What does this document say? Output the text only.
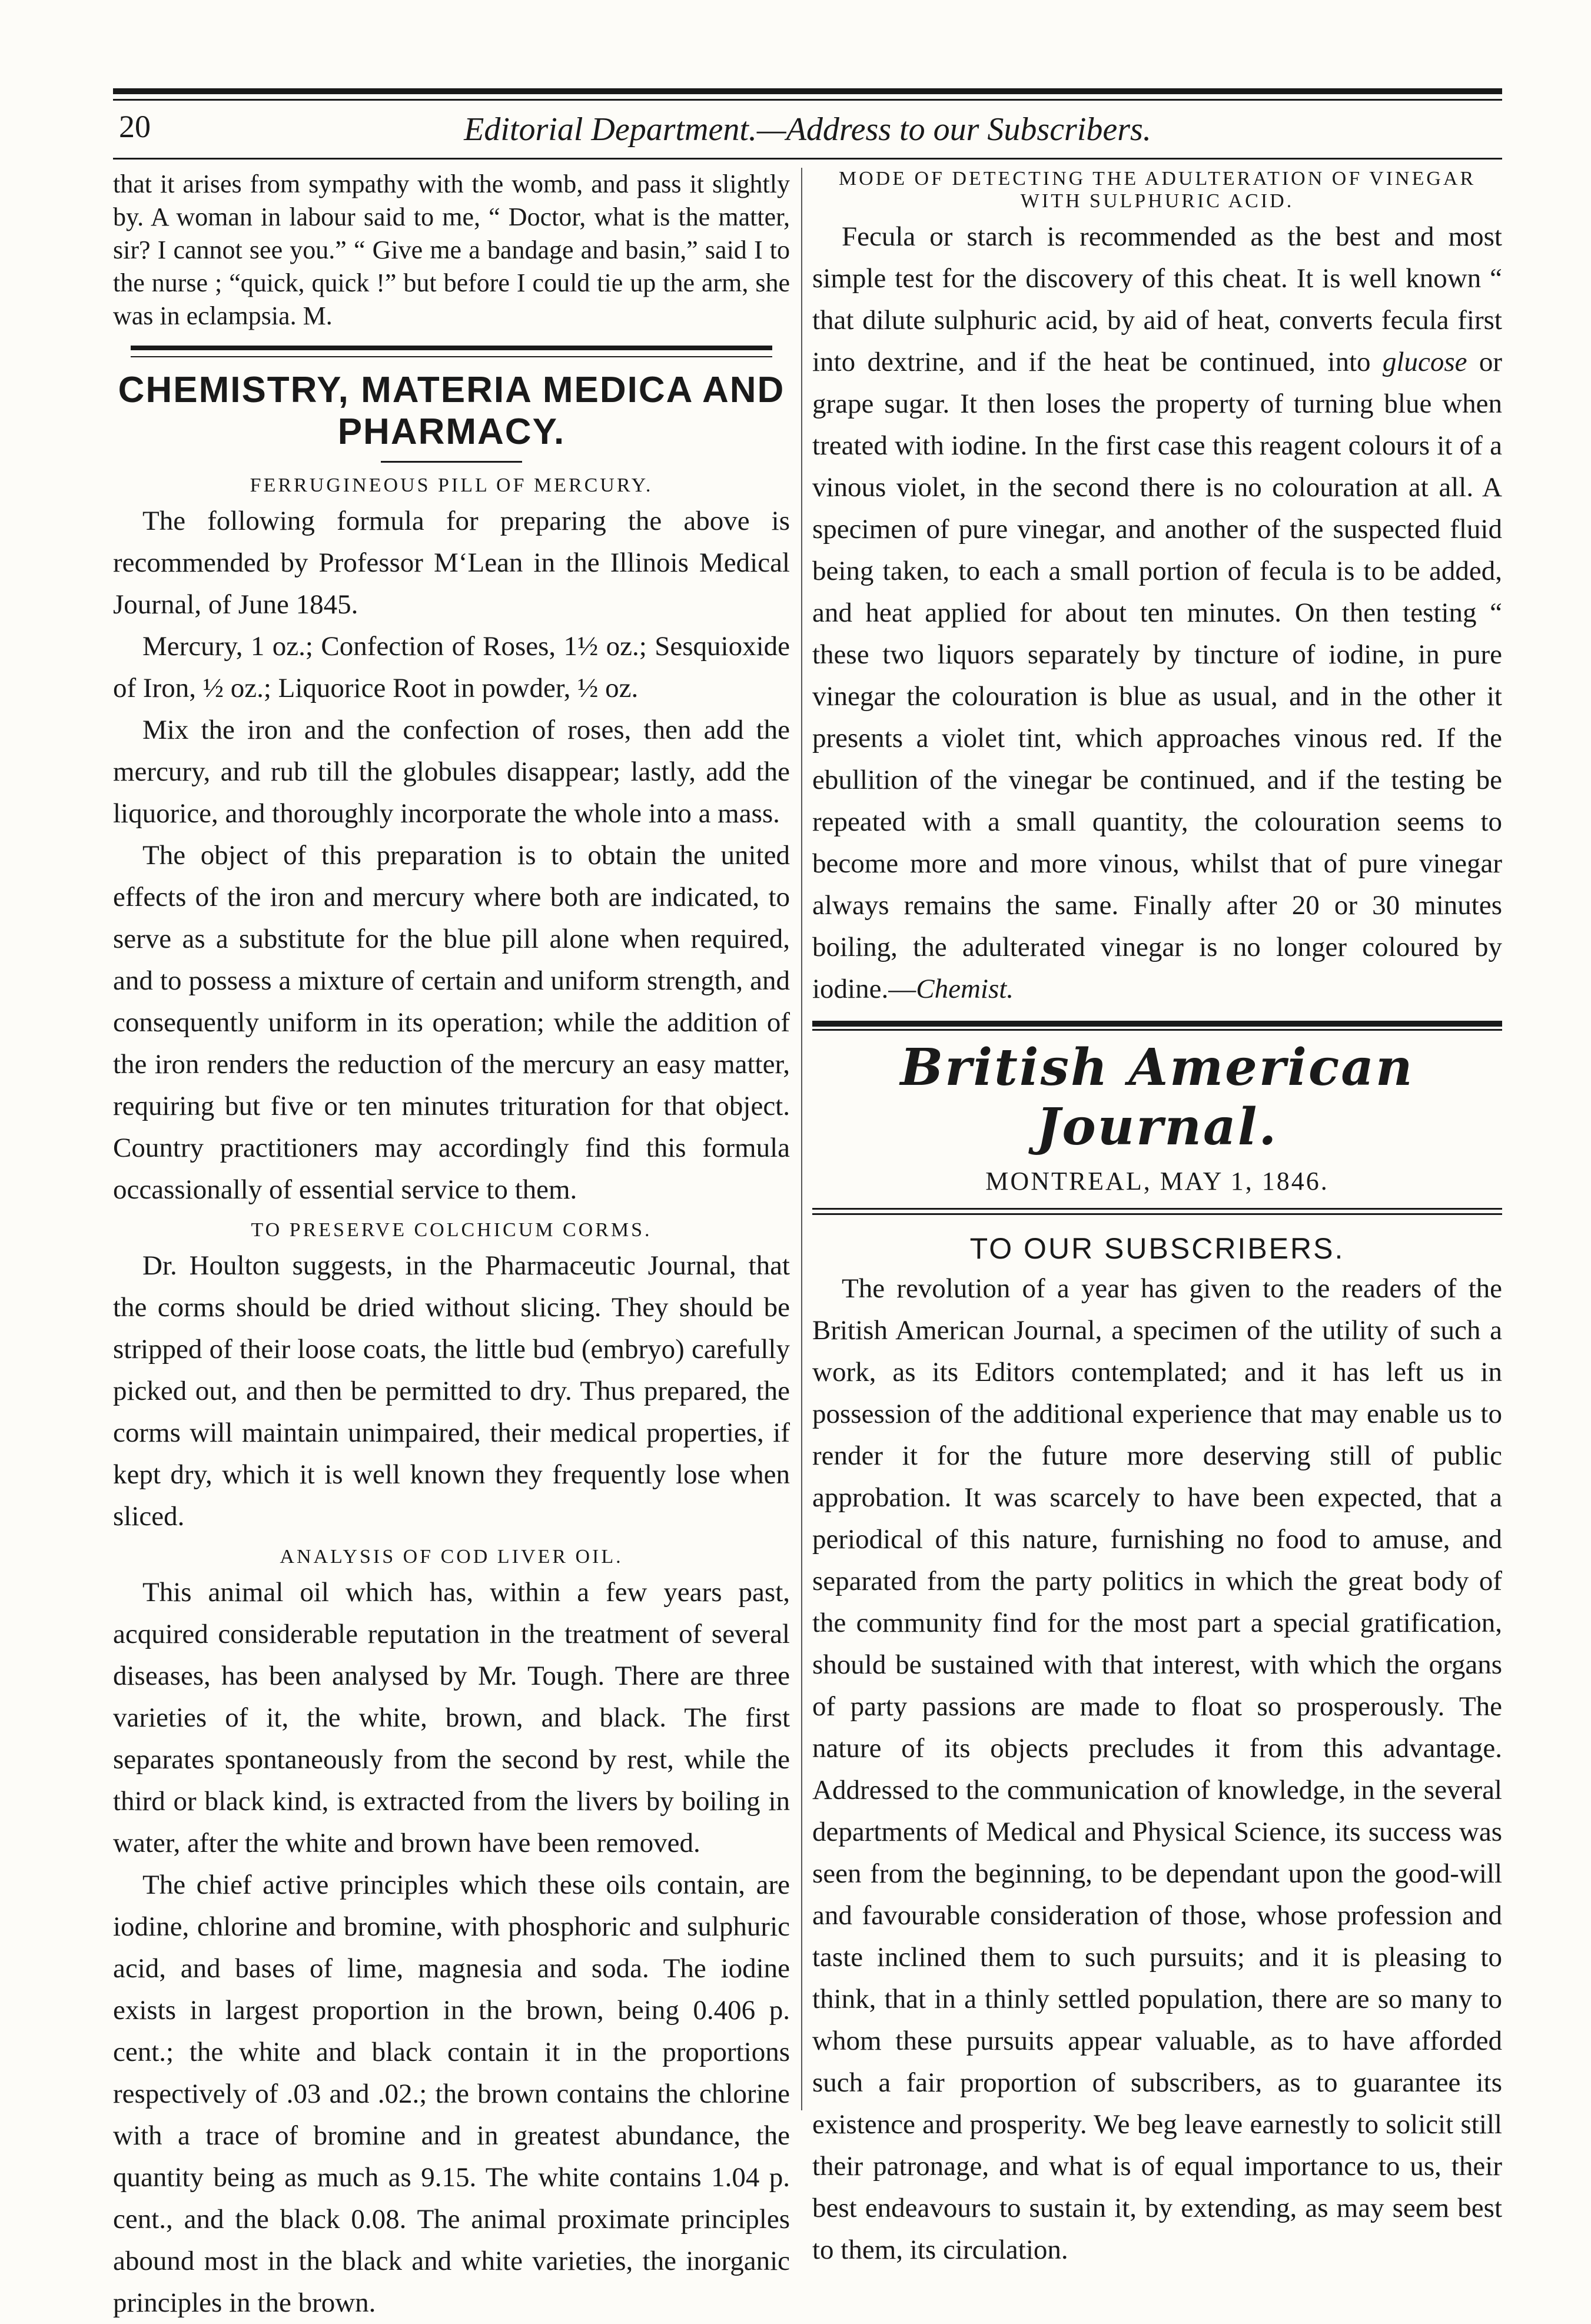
20	Editorial Department.—Address to our Subscribers.

that it arises from sympathy with the womb, and pass it slightly by. A woman in labour said to me, “ Doctor, what is the matter, sir? I cannot see you.” “ Give me a bandage and basin,” said I to the nurse ; “quick, quick !” but before I could tie up the arm, she was in eclampsia. M.

CHEMISTRY, MATERIA MEDICA AND PHARMACY.
FERRUGINEOUS PILL OF MERCURY.

The following formula for preparing the above is recommended by Professor M‘Lean in the Illinois Medical Journal, of June 1845.

Mercury, 1 oz.; Confection of Roses, 1½ oz.; Sesquioxide of Iron, ½ oz.; Liquorice Root in powder, ½ oz.

Mix the iron and the confection of roses, then add the mercury, and rub till the globules disappear; lastly, add the liquorice, and thoroughly incorporate the whole into a mass.

The object of this preparation is to obtain the united effects of the iron and mercury where both are indicated, to serve as a substitute for the blue pill alone when required, and to possess a mixture of certain and uniform strength, and consequently uniform in its operation; while the addition of the iron renders the reduction of the mercury an easy matter, requiring but five or ten minutes trituration for that object. Country practitioners may accordingly find this formula occassionally of essential service to them.

TO PRESERVE COLCHICUM CORMS.

Dr. Houlton suggests, in the Pharmaceutic Journal, that the corms should be dried without slicing. They should be stripped of their loose coats, the little bud (embryo) carefully picked out, and then be permitted to dry. Thus prepared, the corms will maintain unimpaired, their medical properties, if kept dry, which it is well known they frequently lose when sliced.

ANALYSIS OF COD LIVER OIL.

This animal oil which has, within a few years past, acquired considerable reputation in the treatment of several diseases, has been analysed by Mr. Tough. There are three varieties of it, the white, brown, and black. The first separates spontaneously from the second by rest, while the third or black kind, is extracted from the livers by boiling in water, after the white and brown have been removed.

The chief active principles which these oils contain, are iodine, chlorine and bromine, with phosphoric and sulphuric acid, and bases of lime, magnesia and soda. The iodine exists in largest proportion in the brown, being 0.406 p. cent.; the white and black contain it in the proportions respectively of .03 and .02.; the brown contains the chlorine with a trace of bromine and in greatest abundance, the quantity being as much as 9.15. The white contains 1.04 p. cent., and the black 0.08. The animal proximate principles abound most in the black and white varieties, the inorganic principles in the brown.

MODE OF DETECTING THE ADULTERATION OF VINEGAR WITH SULPHURIC ACID.

Fecula or starch is recommended as the best and most simple test for the discovery of this cheat. It is well known “ that dilute sulphuric acid, by aid of heat, converts fecula first into dextrine, and if the heat be continued, into glucose or grape sugar. It then loses the property of turning blue when treated with iodine. In the first case this reagent colours it of a vinous violet, in the second there is no colouration at all. A specimen of pure vinegar, and another of the suspected fluid being taken, to each a small portion of fecula is to be added, and heat applied for about ten minutes. On then testing “ these two liquors separately by tincture of iodine, in pure vinegar the colouration is blue as usual, and in the other it presents a violet tint, which approaches vinous red. If the ebullition of the vinegar be continued, and if the testing be repeated with a small quantity, the colouration seems to become more and more vinous, whilst that of pure vinegar always remains the same. Finally after 20 or 30 minutes boiling, the adulterated vinegar is no longer coloured by iodine.—Chemist.

British American Journal.
MONTREAL, MAY 1, 1846.
TO OUR SUBSCRIBERS.

The revolution of a year has given to the readers of the British American Journal, a specimen of the utility of such a work, as its Editors contemplated; and it has left us in possession of the additional experience that may enable us to render it for the future more deserving still of public approbation. It was scarcely to have been expected, that a periodical of this nature, furnishing no food to amuse, and separated from the party politics in which the great body of the community find for the most part a special gratification, should be sustained with that interest, with which the organs of party passions are made to float so prosperously. The nature of its objects precludes it from this advantage. Addressed to the communication of knowledge, in the several departments of Medical and Physical Science, its success was seen from the beginning, to be dependant upon the good-will and favourable consideration of those, whose profession and taste inclined them to such pursuits; and it is pleasing to think, that in a thinly settled population, there are so many to whom these pursuits appear valuable, as to have afforded such a fair proportion of subscribers, as to guarantee its existence and prosperity. We beg leave earnestly to solicit still their patronage, and what is of equal importance to us, their best endeavours to sustain it, by extending, as may seem best to them, its circulation.
